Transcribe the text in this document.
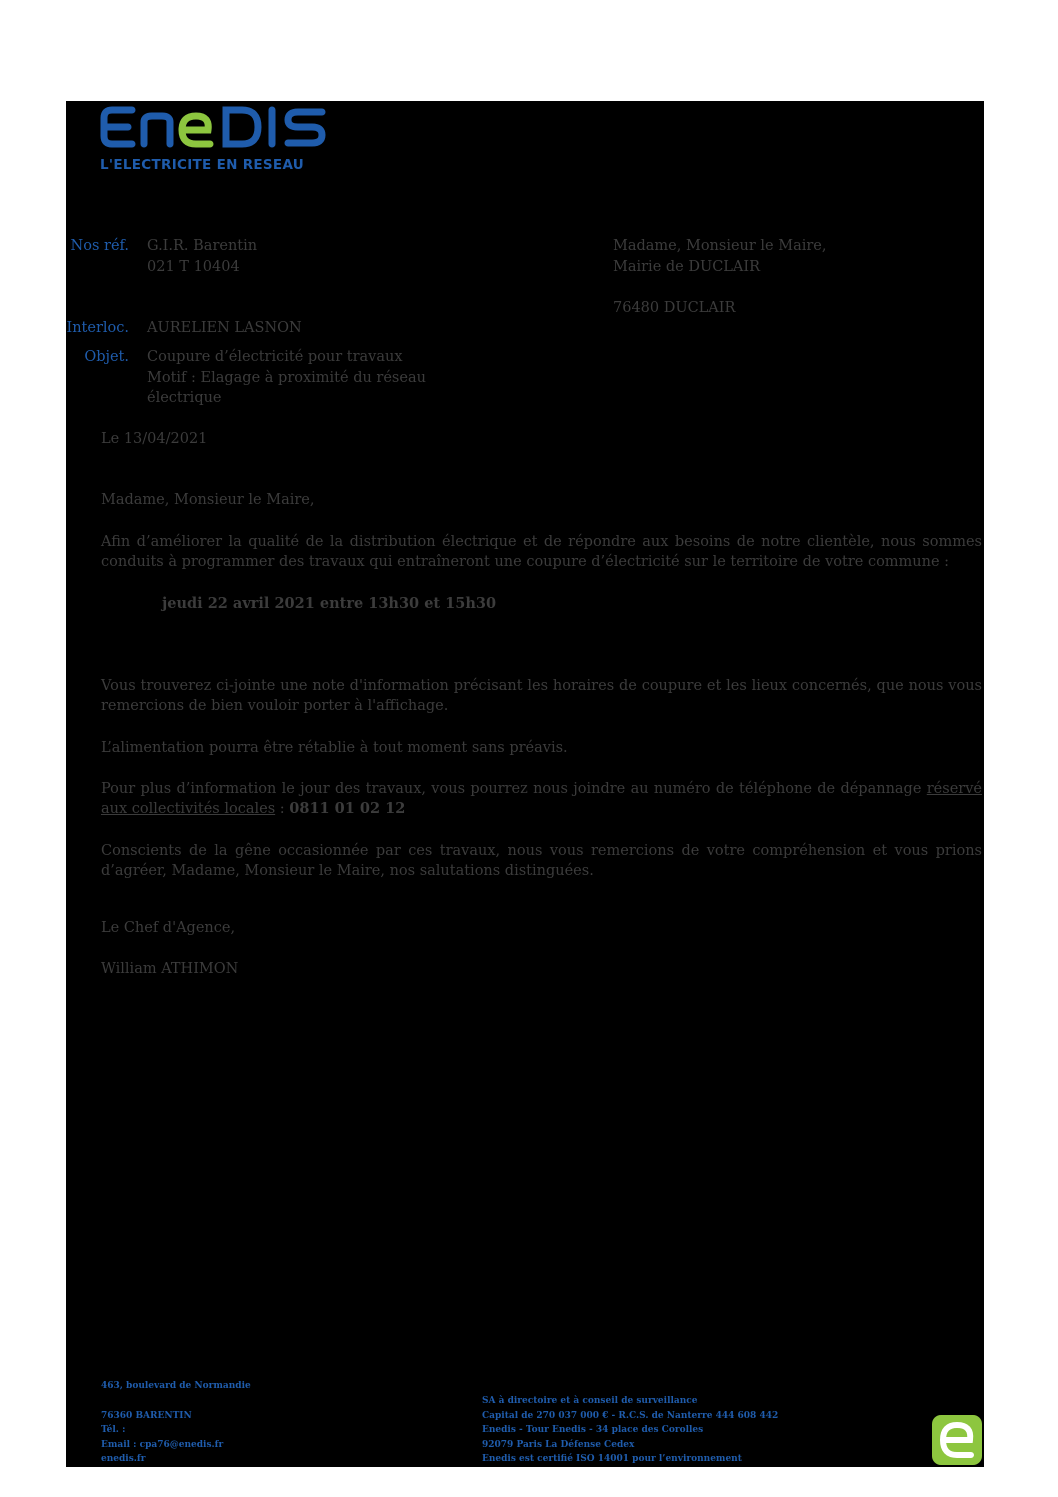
L'ELECTRICITE EN RESEAU
Nos réf. G.I.R. Barentin
021 T 10404
Interloc. AURELIEN LASNON
Objet. Coupure d’électricité pour travaux
Motif : Elagage à proximité du réseau
électrique
Madame, Monsieur le Maire,
Mairie de DUCLAIR
76480 DUCLAIR
Le 13/04/2021
Madame, Monsieur le Maire,
Afin d’améliorer la qualité de la distribution électrique et de répondre aux besoins de notre clientèle, nous sommes conduits à programmer des travaux qui entraîneront une coupure d’électricité sur le territoire de votre commune :
jeudi 22 avril 2021 entre 13h30 et 15h30
Vous trouverez ci-jointe une note d'information précisant les horaires de coupure et les lieux concernés, que nous vous remercions de bien vouloir porter à l'affichage.
L’alimentation pourra être rétablie à tout moment sans préavis.
Pour plus d’information le jour des travaux, vous pourrez nous joindre au numéro de téléphone de dépannage réservé aux collectivités locales : 0811 01 02 12
Conscients de la gêne occasionnée par ces travaux, nous vous remercions de votre compréhension et vous prions d’agréer, Madame, Monsieur le Maire, nos salutations distinguées.
Le Chef d'Agence,
William ATHIMON
463, boulevard de Normandie
76360 BARENTIN
Tél. :
Email : cpa76@enedis.fr
enedis.fr
SA à directoire et à conseil de surveillance
Capital de 270 037 000 € - R.C.S. de Nanterre 444 608 442
Enedis - Tour Enedis - 34 place des Corolles
92079 Paris La Défense Cedex
Enedis est certifié ISO 14001 pour l’environnement
